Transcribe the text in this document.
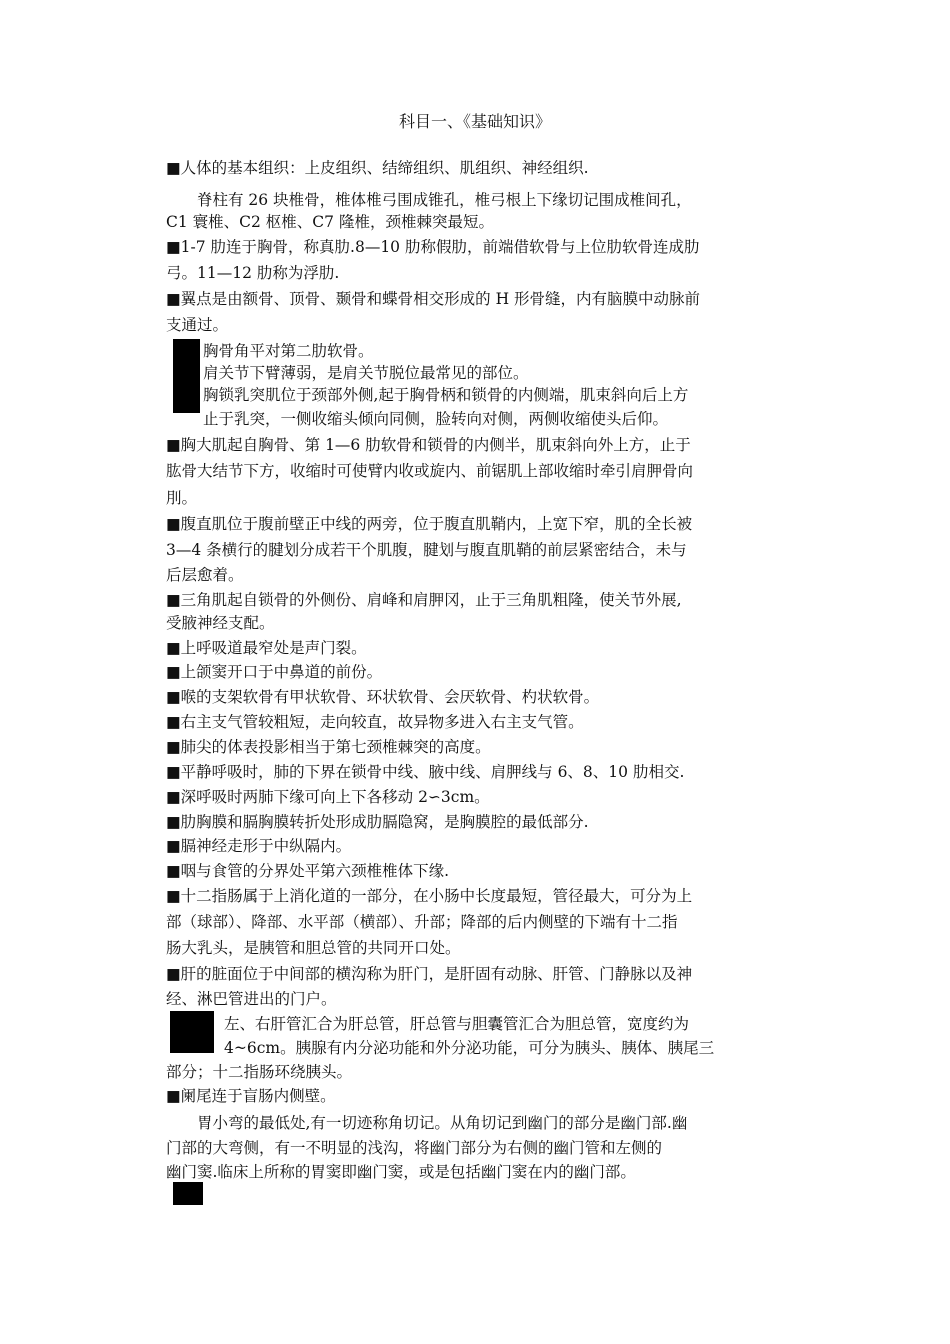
科目一、《基础知识》
■人体的基本组织：上皮组织、结缔组织、肌组织、神经组织.
脊柱有 26 块椎骨，椎体椎弓围成锥孔，椎弓根上下缘切记围成椎间孔，
C1 寰椎、C2 枢椎、C7 隆椎，颈椎棘突最短。
■1-7 肋连于胸骨，称真肋.8—10 肋称假肋，前端借软骨与上位肋软骨连成肋
弓。11—12 肋称为浮肋.
■翼点是由额骨、顶骨、颞骨和蝶骨相交形成的 H 形骨缝，内有脑膜中动脉前
支通过。
胸骨角平对第二肋软骨。
肩关节下臂薄弱，是肩关节脱位最常见的部位。
胸锁乳突肌位于颈部外侧,起于胸骨柄和锁骨的内侧端，肌束斜向后上方
止于乳突，一侧收缩头倾向同侧，脸转向对侧，两侧收缩使头后仰。
■胸大肌起自胸骨、第 1—6 肋软骨和锁骨的内侧半，肌束斜向外上方，止于
肱骨大结节下方，收缩时可使臂内收或旋内、前锯肌上部收缩时牵引肩胛骨向
刖。
■腹直肌位于腹前壁正中线的两旁，位于腹直肌鞘内，上宽下窄，肌的全长被
3—4 条横行的腱划分成若干个肌腹，腱划与腹直肌鞘的前层紧密结合，未与
后层愈着。
■三角肌起自锁骨的外侧份、肩峰和肩胛冈，止于三角肌粗隆，使关节外展,
受腋神经支配。
■上呼吸道最窄处是声门裂。
■上颌窦开口于中鼻道的前份。
■喉的支架软骨有甲状软骨、环状软骨、会厌软骨、杓状软骨。
■右主支气管较粗短，走向较直，故异物多进入右主支气管。
■肺尖的体表投影相当于第七颈椎棘突的高度。
■平静呼吸时，肺的下界在锁骨中线、腋中线、肩胛线与 6、8、10 肋相交.
■深呼吸时两肺下缘可向上下各移动 2∽3cm。
■肋胸膜和膈胸膜转折处形成肋膈隐窝，是胸膜腔的最低部分.
■膈神经走形于中纵隔内。
■咽与食管的分界处平第六颈椎椎体下缘.
■十二指肠属于上消化道的一部分，在小肠中长度最短，管径最大，可分为上
部（球部）、降部、水平部（横部）、升部；降部的后内侧壁的下端有十二指
肠大乳头，是胰管和胆总管的共同开口处。
■肝的脏面位于中间部的横沟称为肝门，是肝固有动脉、肝管、门静脉以及神
经、淋巴管进出的门户。
左、右肝管汇合为肝总管，肝总管与胆囊管汇合为胆总管，宽度约为
4~6cm。胰腺有内分泌功能和外分泌功能，可分为胰头、胰体、胰尾三
部分；十二指肠环绕胰头。
■阑尾连于盲肠内侧壁。
胃小弯的最低处,有一切迹称角切记。从角切记到幽门的部分是幽门部.幽
门部的大弯侧，有一不明显的浅沟，将幽门部分为右侧的幽门管和左侧的
幽门窦.临床上所称的胃窦即幽门窦，或是包括幽门窦在内的幽门部。
